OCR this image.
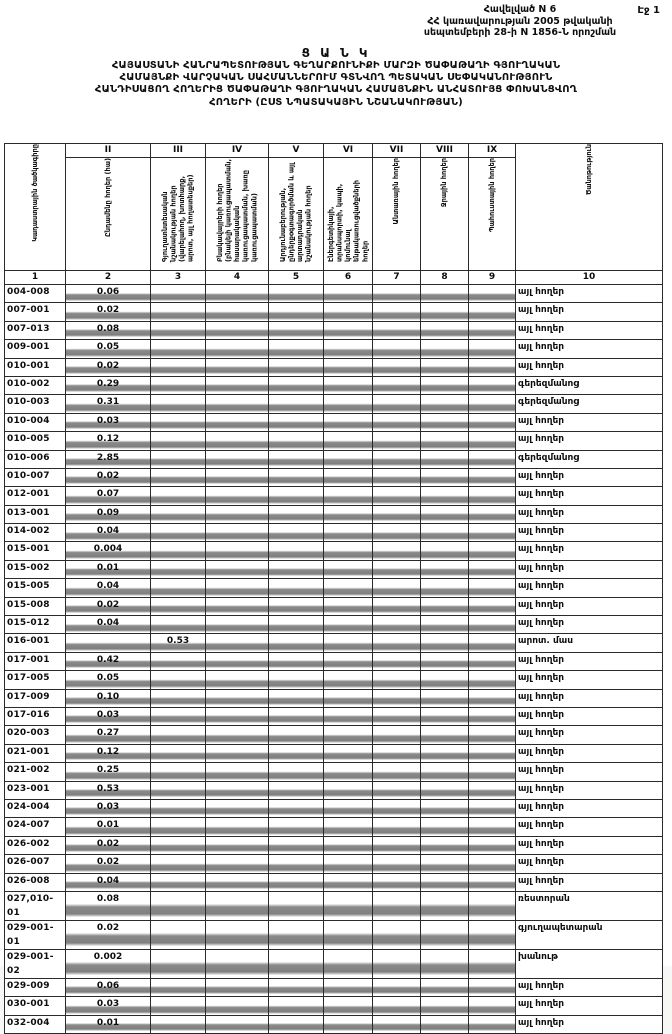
Էջ 1
Հավելված N 6
ՀՀ կառավարության 2005 թվականի
սեպտեմբերի 28-ի N 1856-Ն որոշման
Ց Ա Ն Կ
ՀԱՅԱՍՏԱՆԻ ՀԱՆՐԱՊԵՏՈՒԹՅԱՆ ԳԵՂԱՐՔՈՒՆԻՔԻ ՄԱՐԶԻ ԾԱՓԱԹԱՂԻ ԳՅՈՒՂԱԿԱՆ
ՀԱՄԱՅՆՔԻ ՎԱՐՉԱԿԱՆ ՍԱՀՄԱՆՆԵՐՈՒՄ ԳՏՆՎՈՂ ՊԵՏԱԿԱՆ ՍԵՓԱԿԱՆՈՒԹՅՈՒՆ
ՀԱՆԴԻՍԱՑՈՂ ՀՈՂԵՐԻՑ ԾԱՓԱԹԱՂԻ ԳՅՈՒՂԱԿԱՆ ՀԱՄԱՅՆՔԻՆ ԱՆՀԱՏՈՒՅՑ ՓՈԽԱՆՑՎՈՂ
ՀՈՂԵՐԻ (ԸՍՏ ՆՊԱՏԱԿԱՅԻՆ ՆՇԱՆԱԿՈՒԹՅԱՆ)
Կադաստրային ծածկագիրը	II	III	IV	V	VI	VII	VIII	IX	Ծանոթություն
	Ընդամենը հողեր (հա)	Գյուղատնտեսական նշանակության հողեր (վարելահող, խոտհարք, արոտ, այլ հողատեսքեր)	Բնակավայրերի հողեր (բնակելի կառուցապատման, հասարակական կառուցապատման, խառը կառուցապատման)	Արդյունաբերության, ընդերքօգտագործման և այլ արտադրական նշանակության հողեր	Էներգետիկայի, տրանսպորտի, կապի, կոմունալ ենթակառուցվածքների հողեր	Անտառային հողեր	Ջրային հողեր	Պահուստային հողեր	
1	2	3	4	5	6	7	8	9	10
004-008	0.06								այլ հողեր
007-001	0.02								այլ հողեր
007-013	0.08								այլ հողեր
009-001	0.05								այլ հողեր
010-001	0.02								այլ հողեր
010-002	0.29								գերեզմանոց
010-003	0.31								գերեզմանոց
010-004	0.03								այլ հողեր
010-005	0.12								այլ հողեր
010-006	2.85								գերեզմանոց
010-007	0.02								այլ հողեր
012-001	0.07								այլ հողեր
013-001	0.09								այլ հողեր
014-002	0.04								այլ հողեր
015-001	0.004								այլ հողեր
015-002	0.01								այլ հողեր
015-005	0.04								այլ հողեր
015-008	0.02								այլ հողեր
015-012	0.04								այլ հողեր
016-001		0.53							արոտ. մաս
017-001	0.42								այլ հողեր
017-005	0.05								այլ հողեր
017-009	0.10								այլ հողեր
017-016	0.03								այլ հողեր
020-003	0.27								այլ հողեր
021-001	0.12								այլ հողեր
021-002	0.25								այլ հողեր
023-001	0.53								այլ հողեր
024-004	0.03								այլ հողեր
024-007	0.01								այլ հողեր
026-002	0.02								այլ հողեր
026-007	0.02								այլ հողեր
026-008	0.04								այլ հողեր
027,010-01	0.08								ռեստորան
029-001-01	0.02								գյուղապետարան
029-001-02	0.002								խանութ
029-009	0.06								այլ հողեր
030-001	0.03								այլ հողեր
032-004	0.01								այլ հողեր
